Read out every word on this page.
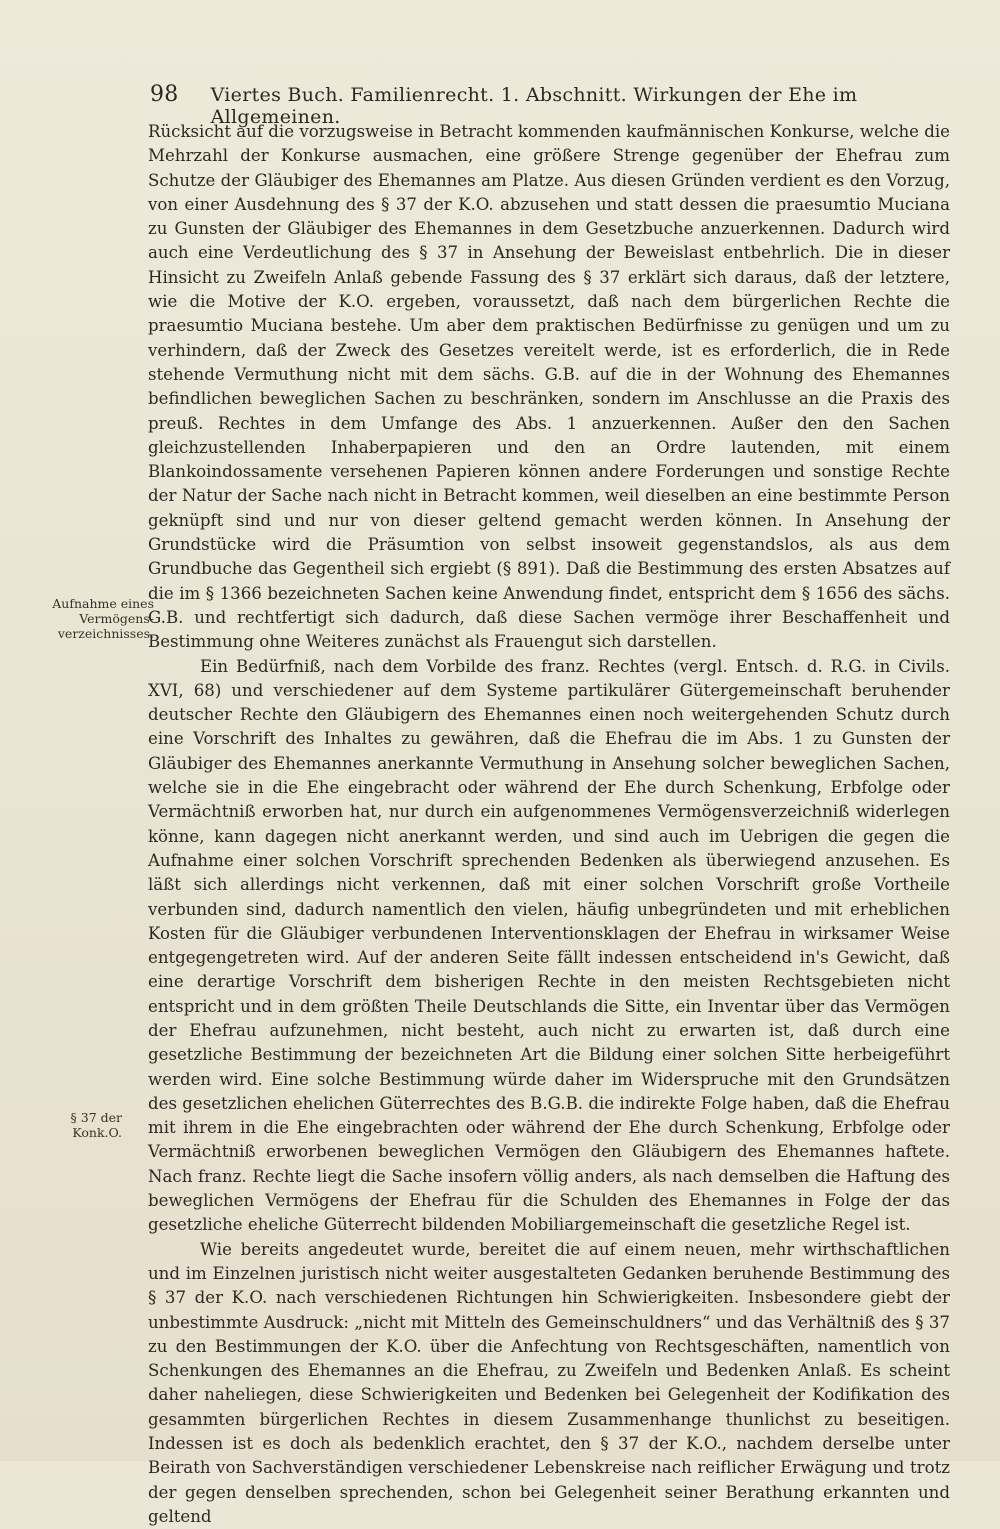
98 Viertes Buch. Familienrecht. 1. Abschnitt. Wirkungen der Ehe im Allgemeinen.
Aufnahme eines Vermögens- verzeichnisses.
§ 37 der Konk.O.

Rücksicht auf die vorzugsweise in Betracht kommenden kaufmännischen Konkurse, welche die Mehrzahl der Konkurse ausmachen, eine größere Strenge gegenüber der Ehefrau zum Schutze der Gläubiger des Ehemannes am Platze. Aus diesen Gründen verdient es den Vorzug, von einer Ausdehnung des § 37 der K.O. abzusehen und statt dessen die praesumtio Muciana zu Gunsten der Gläubiger des Ehemannes in dem Gesetzbuche anzuerkennen. Dadurch wird auch eine Verdeutlichung des § 37 in Ansehung der Beweislast entbehrlich. Die in dieser Hinsicht zu Zweifeln Anlaß gebende Fassung des § 37 erklärt sich daraus, daß der letztere, wie die Motive der K.O. ergeben, voraussetzt, daß nach dem bürgerlichen Rechte die praesumtio Muciana bestehe. Um aber dem praktischen Bedürfnisse zu genügen und um zu verhindern, daß der Zweck des Gesetzes vereitelt werde, ist es erforderlich, die in Rede stehende Vermuthung nicht mit dem sächs. G.B. auf die in der Wohnung des Ehemannes befindlichen beweglichen Sachen zu beschränken, sondern im Anschlusse an die Praxis des preuß. Rechtes in dem Umfange des Abs. 1 anzuerkennen. Außer den den Sachen gleichzustellenden Inhaberpapieren und den an Ordre lautenden, mit einem Blankoindossamente versehenen Papieren können andere Forderungen und sonstige Rechte der Natur der Sache nach nicht in Betracht kommen, weil dieselben an eine bestimmte Person geknüpft sind und nur von dieser geltend gemacht werden können. In Ansehung der Grundstücke wird die Präsumtion von selbst insoweit gegenstandslos, als aus dem Grundbuche das Gegentheil sich ergiebt (§ 891). Daß die Bestimmung des ersten Absatzes auf die im § 1366 bezeichneten Sachen keine Anwendung findet, entspricht dem § 1656 des sächs. G.B. und rechtfertigt sich dadurch, daß diese Sachen vermöge ihrer Beschaffenheit und Bestimmung ohne Weiteres zunächst als Frauengut sich darstellen.

Ein Bedürfniß, nach dem Vorbilde des franz. Rechtes (vergl. Entsch. d. R.G. in Civils. XVI, 68) und verschiedener auf dem Systeme partikulärer Gütergemeinschaft beruhender deutscher Rechte den Gläubigern des Ehemannes einen noch weitergehenden Schutz durch eine Vorschrift des Inhaltes zu gewähren, daß die Ehefrau die im Abs. 1 zu Gunsten der Gläubiger des Ehemannes anerkannte Vermuthung in Ansehung solcher beweglichen Sachen, welche sie in die Ehe eingebracht oder während der Ehe durch Schenkung, Erbfolge oder Vermächtniß erworben hat, nur durch ein aufgenommenes Vermögensverzeichniß widerlegen könne, kann dagegen nicht anerkannt werden, und sind auch im Uebrigen die gegen die Aufnahme einer solchen Vorschrift sprechenden Bedenken als überwiegend anzusehen. Es läßt sich allerdings nicht verkennen, daß mit einer solchen Vorschrift große Vortheile verbunden sind, dadurch namentlich den vielen, häufig unbegründeten und mit erheblichen Kosten für die Gläubiger verbundenen Interventionsklagen der Ehefrau in wirksamer Weise entgegengetreten wird. Auf der anderen Seite fällt indessen entscheidend in's Gewicht, daß eine derartige Vorschrift dem bisherigen Rechte in den meisten Rechtsgebieten nicht entspricht und in dem größten Theile Deutschlands die Sitte, ein Inventar über das Vermögen der Ehefrau aufzunehmen, nicht besteht, auch nicht zu erwarten ist, daß durch eine gesetzliche Bestimmung der bezeichneten Art die Bildung einer solchen Sitte herbeigeführt werden wird. Eine solche Bestimmung würde daher im Widerspruche mit den Grundsätzen des gesetzlichen ehelichen Güterrechtes des B.G.B. die indirekte Folge haben, daß die Ehefrau mit ihrem in die Ehe eingebrachten oder während der Ehe durch Schenkung, Erbfolge oder Vermächtniß erworbenen beweglichen Vermögen den Gläubigern des Ehemannes haftete. Nach franz. Rechte liegt die Sache insofern völlig anders, als nach demselben die Haftung des beweglichen Vermögens der Ehefrau für die Schulden des Ehemannes in Folge der das gesetzliche eheliche Güterrecht bildenden Mobiliargemeinschaft die gesetzliche Regel ist.

Wie bereits angedeutet wurde, bereitet die auf einem neuen, mehr wirthschaftlichen und im Einzelnen juristisch nicht weiter ausgestalteten Gedanken beruhende Bestimmung des § 37 der K.O. nach verschiedenen Richtungen hin Schwierigkeiten. Insbesondere giebt der unbestimmte Ausdruck: „nicht mit Mitteln des Gemeinschuldners“ und das Verhältniß des § 37 zu den Bestimmungen der K.O. über die Anfechtung von Rechtsgeschäften, namentlich von Schenkungen des Ehemannes an die Ehefrau, zu Zweifeln und Bedenken Anlaß. Es scheint daher naheliegen, diese Schwierigkeiten und Bedenken bei Gelegenheit der Kodifikation des gesammten bürgerlichen Rechtes in diesem Zusammenhange thunlichst zu beseitigen. Indessen ist es doch als bedenklich erachtet, den § 37 der K.O., nachdem derselbe unter Beirath von Sachverständigen verschiedener Lebenskreise nach reiflicher Erwägung und trotz der gegen denselben sprechenden, schon bei Gelegenheit seiner Berathung erkannten und geltend
